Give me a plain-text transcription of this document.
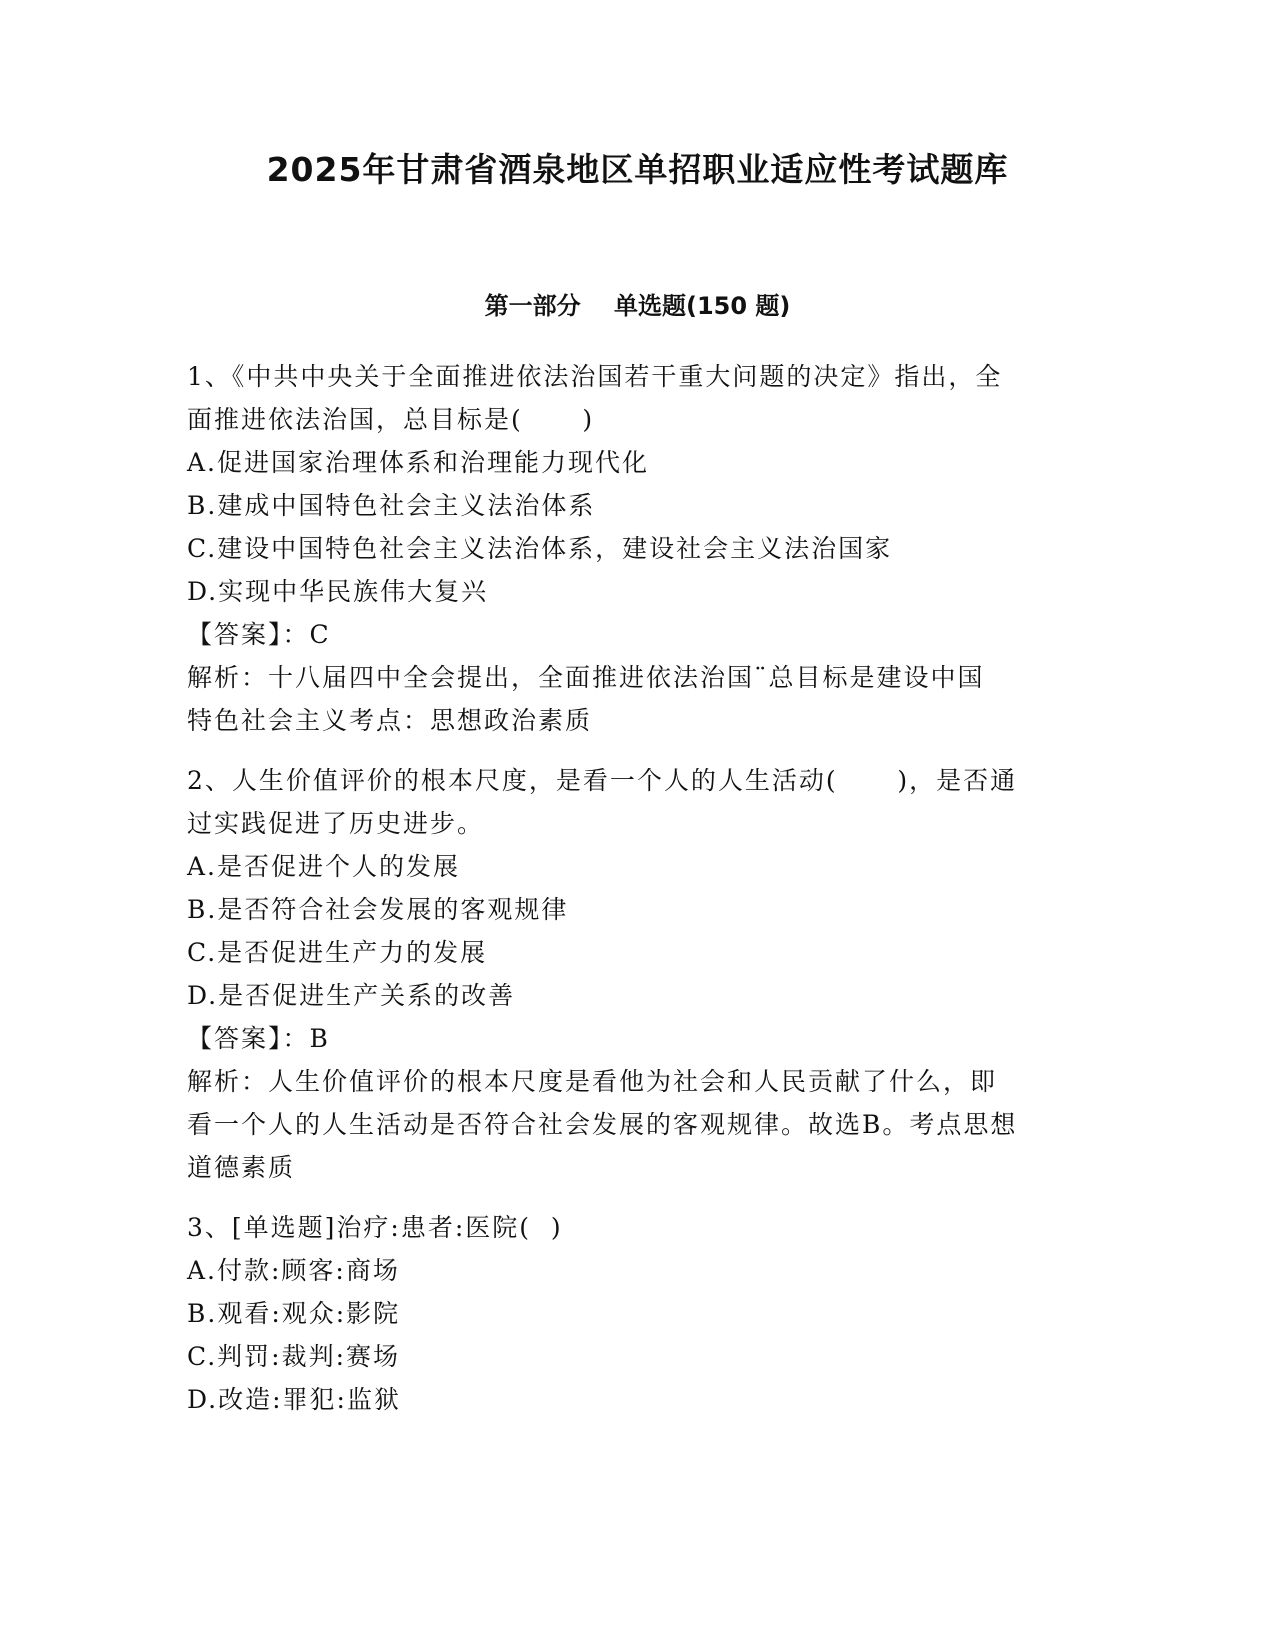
2025年甘肃省酒泉地区单招职业适应性考试题库
第一部分    单选题(150 题)
1、《中共中央关于全面推进依法治国若干重大问题的决定》指出，全
面推进依法治国，总目标是(      )
A.促进国家治理体系和治理能力现代化
B.建成中国特色社会主义法治体系
C.建设中国特色社会主义法治体系，建设社会主义法治国家
D.实现中华民族伟大复兴
【答案】：C
解析：十八届四中全会提出，全面推进依法治国¨总目标是建设中国
特色社会主义考点：思想政治素质
2、人生价值评价的根本尺度，是看一个人的人生活动(      )，是否通
过实践促进了历史进步。
A.是否促进个人的发展
B.是否符合社会发展的客观规律
C.是否促进生产力的发展
D.是否促进生产关系的改善
【答案】：B
解析：人生价值评价的根本尺度是看他为社会和人民贡献了什么，即
看一个人的人生活动是否符合社会发展的客观规律。故选B。考点思想
道德素质
3、[单选题]治疗:患者:医院(  )
A.付款:顾客:商场
B.观看:观众:影院
C.判罚:裁判:赛场
D.改造:罪犯:监狱
